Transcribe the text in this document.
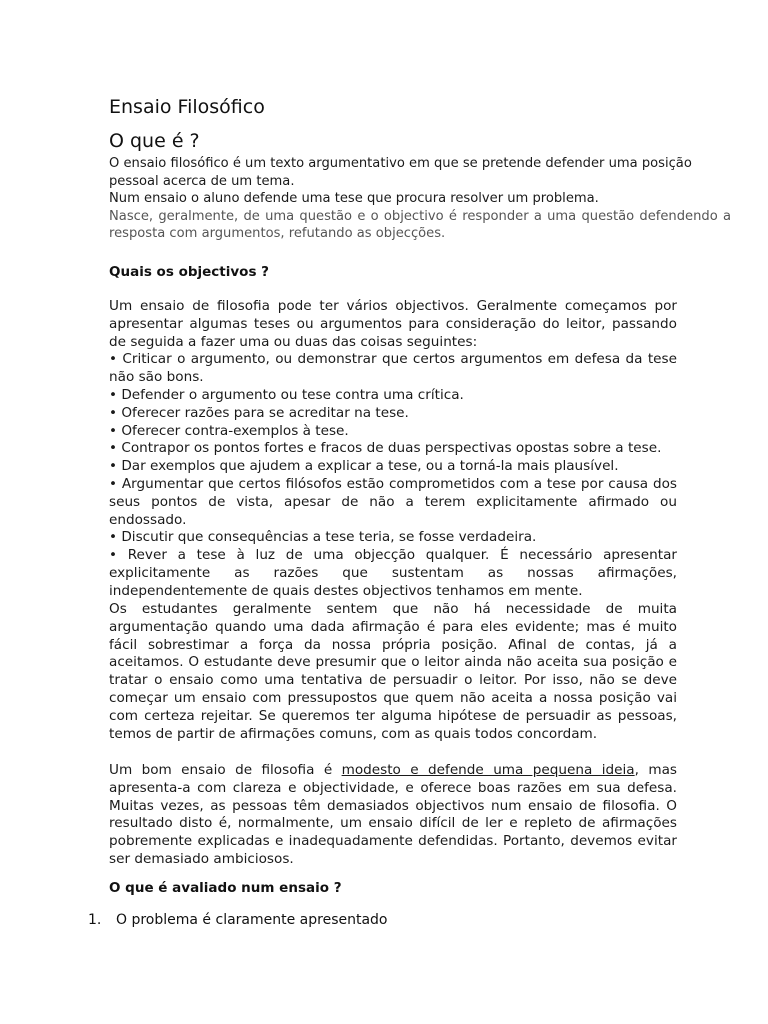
Ensaio Filosófico
O que é ?

O ensaio filosófico é um texto argumentativo em que se pretende defender uma posição pessoal acerca de um tema.

Num ensaio o aluno defende uma tese que procura resolver um problema.

Nasce, geralmente, de uma questão e o objectivo é responder a uma questão defendendo a resposta com argumentos, refutando as objecções.

Quais os objectivos ?

Um ensaio de filosofia pode ter vários objectivos. Geralmente começamos por apresentar algumas teses ou argumentos para consideração do leitor, passando de seguida a fazer uma ou duas das coisas seguintes:

• Criticar o argumento, ou demonstrar que certos argumentos em defesa da tese não são bons.

• Defender o argumento ou tese contra uma crítica.

• Oferecer razões para se acreditar na tese.

• Oferecer contra-exemplos à tese.

• Contrapor os pontos fortes e fracos de duas perspectivas opostas sobre a tese.

• Dar exemplos que ajudem a explicar a tese, ou a torná-la mais plausível.

• Argumentar que certos filósofos estão comprometidos com a tese por causa dos seus pontos de vista, apesar de não a terem explicitamente afirmado ou endossado.

• Discutir que consequências a tese teria, se fosse verdadeira.

• Rever a tese à luz de uma objecção qualquer. É necessário apresentar explicitamente as razões que sustentam as nossas afirmações, independentemente de quais destes objectivos tenhamos em mente.

Os estudantes geralmente sentem que não há necessidade de muita argumentação quando uma dada afirmação é para eles evidente; mas é muito fácil sobrestimar a força da nossa própria posição. Afinal de contas, já a aceitamos. O estudante deve presumir que o leitor ainda não aceita sua posição e tratar o ensaio como uma tentativa de persuadir o leitor. Por isso, não se deve começar um ensaio com pressupostos que quem não aceita a nossa posição vai com certeza rejeitar. Se queremos ter alguma hipótese de persuadir as pessoas, temos de partir de afirmações comuns, com as quais todos concordam.

Um bom ensaio de filosofia é modesto e defende uma pequena ideia, mas apresenta-a com clareza e objectividade, e oferece boas razões em sua defesa. Muitas vezes, as pessoas têm demasiados objectivos num ensaio de filosofia. O resultado disto é, normalmente, um ensaio difícil de ler e repleto de afirmações pobremente explicadas e inadequadamente defendidas. Portanto, devemos evitar ser demasiado ambiciosos.

O que é avaliado num ensaio ?
1. O problema é claramente apresentado
